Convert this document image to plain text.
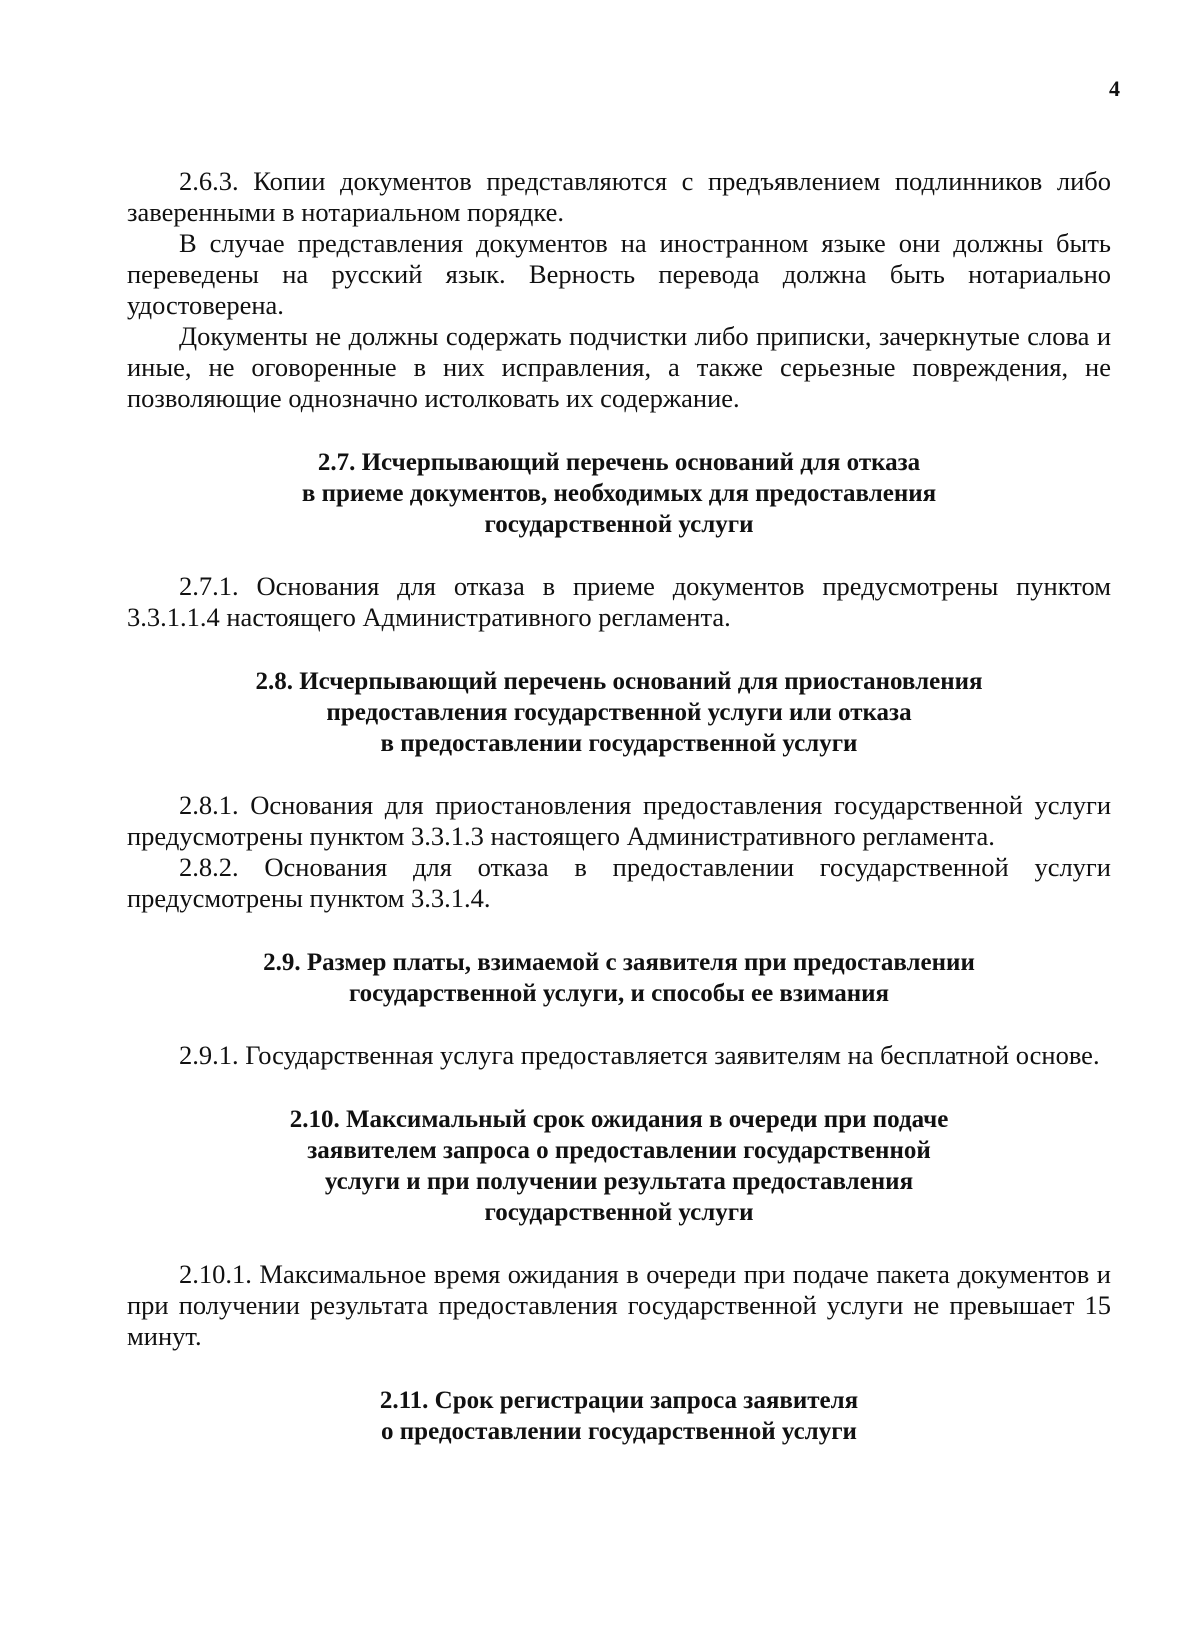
4

2.6.3. Копии документов представляются с предъявлением подлинников либо заверенными в нотариальном порядке.

В случае представления документов на иностранном языке они должны быть переведены на русский язык. Верность перевода должна быть нотариально удостоверена.

Документы не должны содержать подчистки либо приписки, зачеркнутые слова и иные, не оговоренные в них исправления, а также серьезные повреждения, не позволяющие однозначно истолковать их содержание.

2.7. Исчерпывающий перечень оснований для отказа
в приеме документов, необходимых для предоставления
государственной услуги

2.7.1. Основания для отказа в приеме документов предусмотрены пунктом 3.3.1.1.4 настоящего Административного регламента.

2.8. Исчерпывающий перечень оснований для приостановления
предоставления государственной услуги или отказа
в предоставлении государственной услуги

2.8.1. Основания для приостановления предоставления государственной услуги предусмотрены пунктом 3.3.1.3 настоящего Административного регламента.

2.8.2. Основания для отказа в предоставлении государственной услуги предусмотрены пунктом 3.3.1.4.

2.9. Размер платы, взимаемой с заявителя при предоставлении
государственной услуги, и способы ее взимания

2.9.1. Государственная услуга предоставляется заявителям на бесплатной основе.

2.10. Максимальный срок ожидания в очереди при подаче
заявителем запроса о предоставлении государственной
услуги и при получении результата предоставления
государственной услуги

2.10.1. Максимальное время ожидания в очереди при подаче пакета документов и при получении результата предоставления государственной услуги не превышает 15 минут.

2.11. Срок регистрации запроса заявителя
о предоставлении государственной услуги
